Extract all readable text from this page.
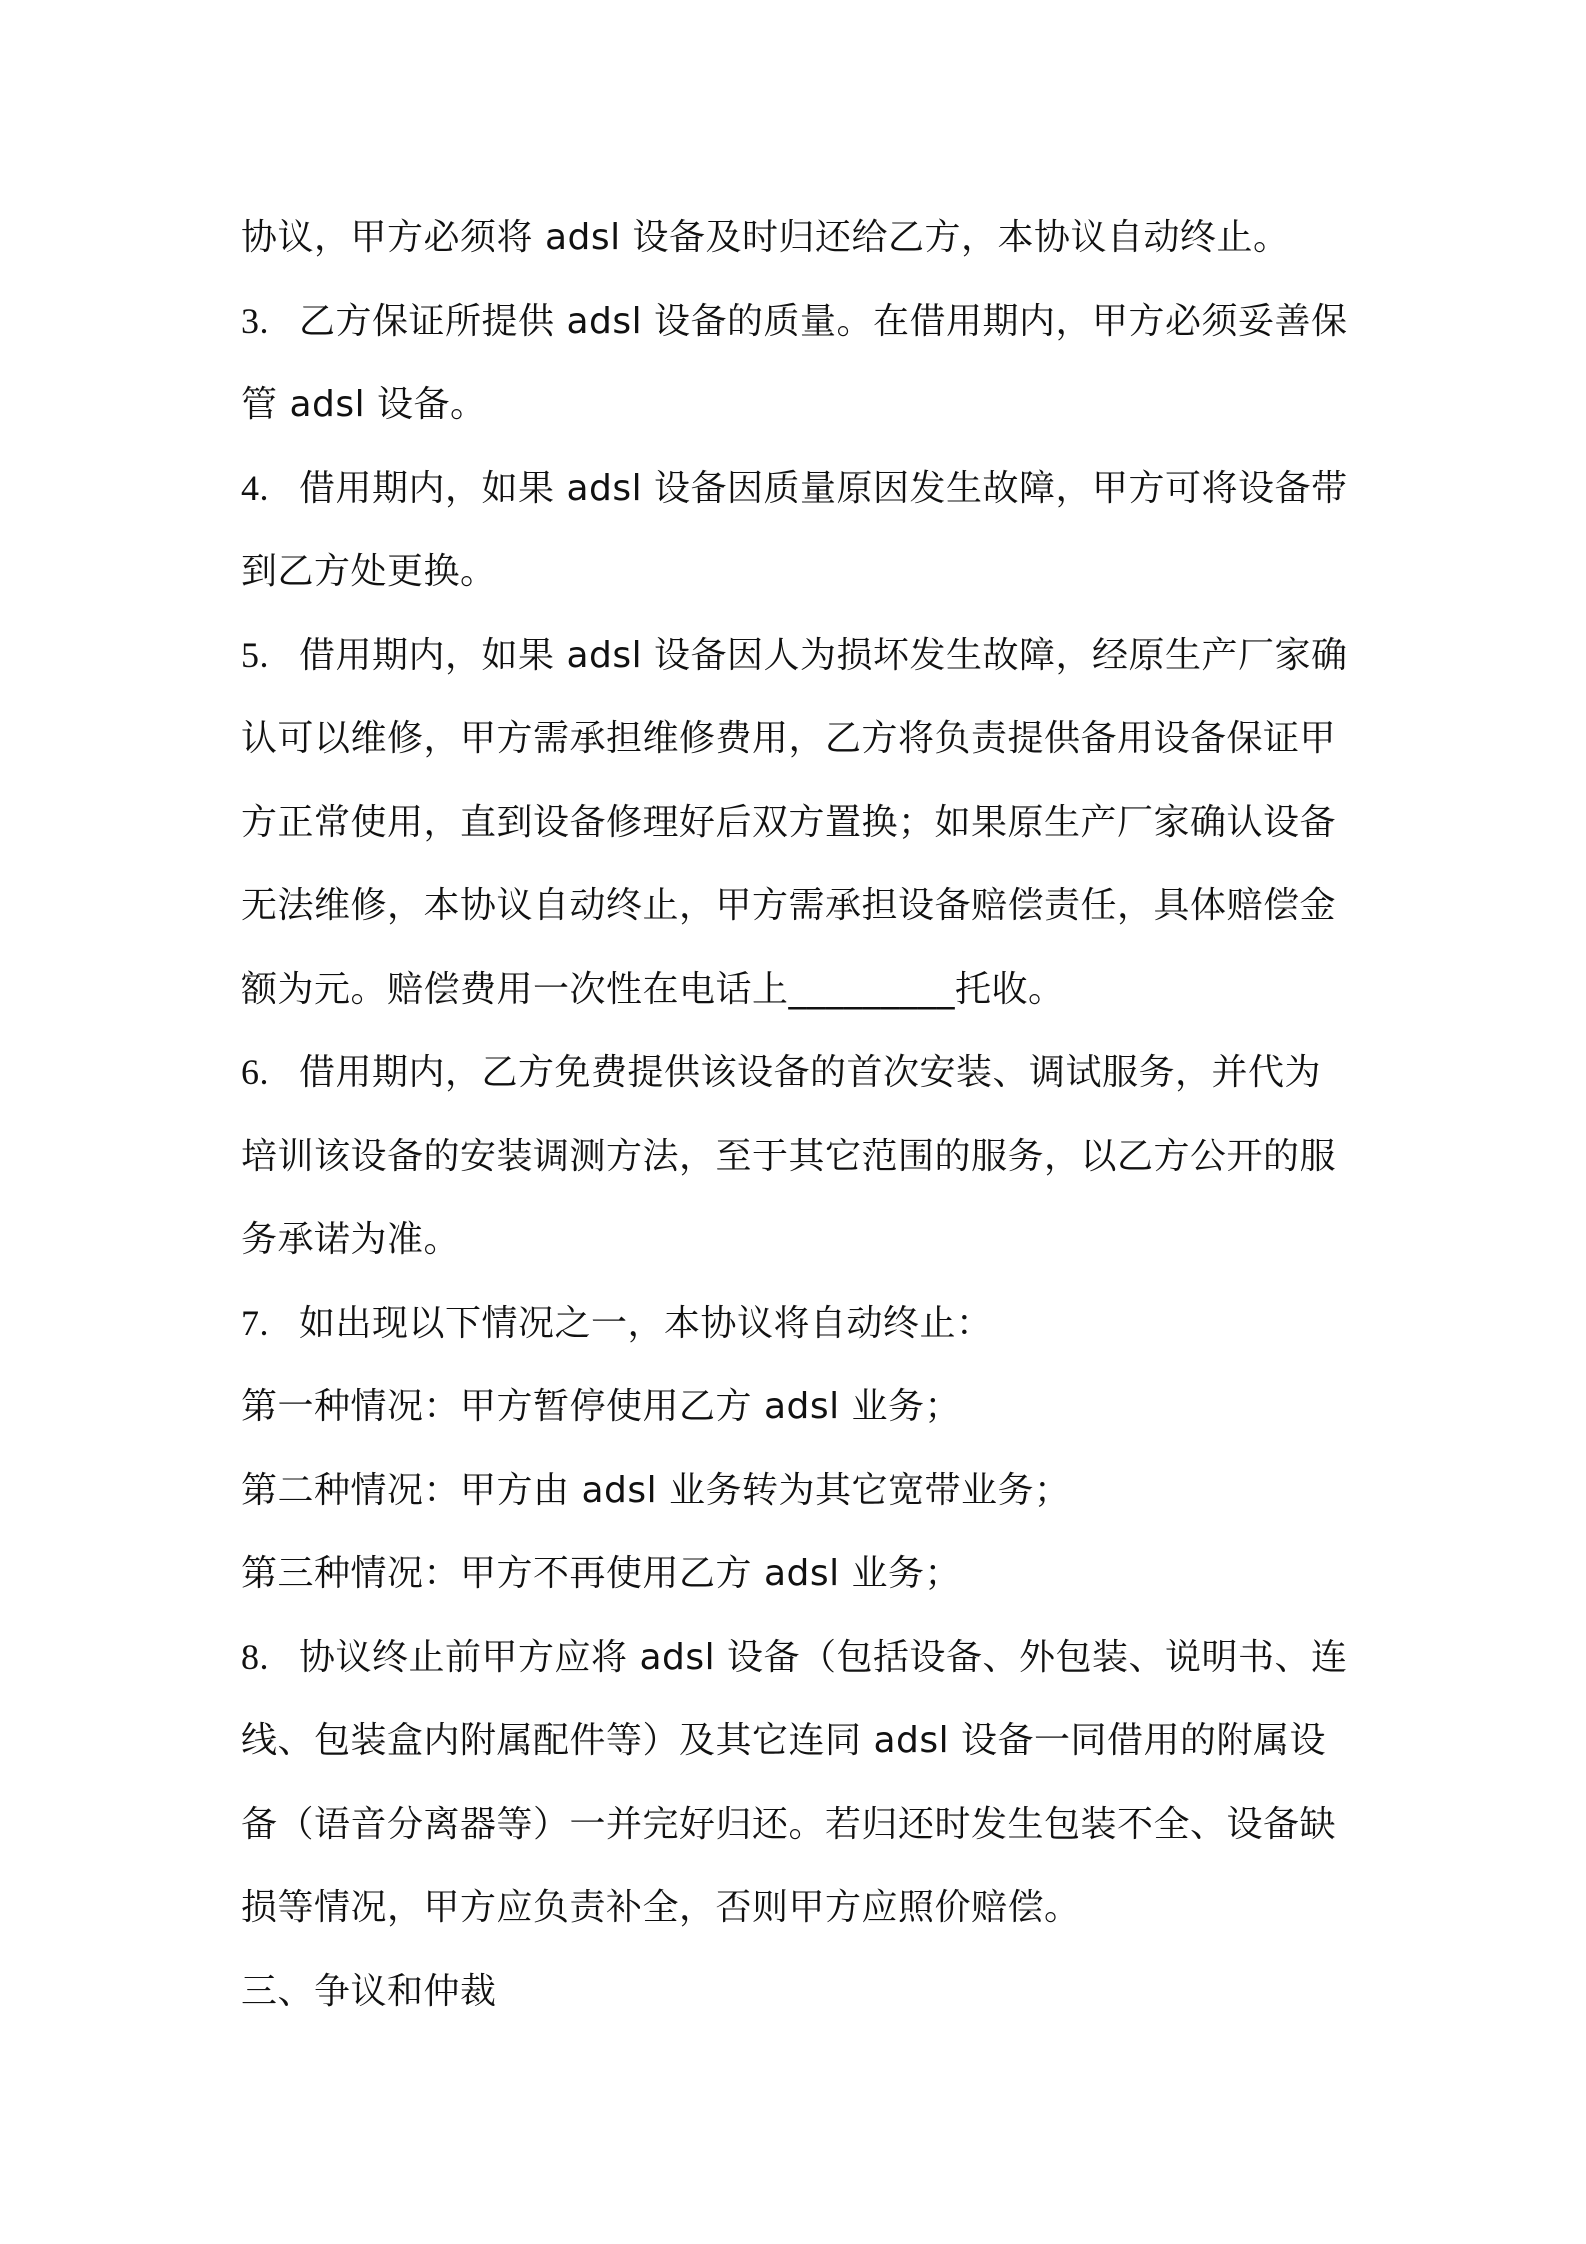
协议，甲方必须将 adsl 设备及时归还给乙方，本协议自动终止。
3. 乙方保证所提供 adsl 设备的质量。在借用期内，甲方必须妥善保
管 adsl 设备。
4. 借用期内，如果 adsl 设备因质量原因发生故障，甲方可将设备带
到乙方处更换。
5. 借用期内，如果 adsl 设备因人为损坏发生故障，经原生产厂家确
认可以维修，甲方需承担维修费用，乙方将负责提供备用设备保证甲
方正常使用，直到设备修理好后双方置换；如果原生产厂家确认设备
无法维修，本协议自动终止，甲方需承担设备赔偿责任，具体赔偿金
额为元。赔偿费用一次性在电话上_________托收。
6. 借用期内，乙方免费提供该设备的首次安装、调试服务，并代为
培训该设备的安装调测方法，至于其它范围的服务，以乙方公开的服
务承诺为准。
7. 如出现以下情况之一，本协议将自动终止：
第一种情况：甲方暂停使用乙方 adsl 业务；
第二种情况：甲方由 adsl 业务转为其它宽带业务；
第三种情况：甲方不再使用乙方 adsl 业务；
8. 协议终止前甲方应将 adsl 设备（包括设备、外包装、说明书、连
线、包装盒内附属配件等）及其它连同 adsl 设备一同借用的附属设
备（语音分离器等）一并完好归还。若归还时发生包装不全、设备缺
损等情况，甲方应负责补全，否则甲方应照价赔偿。
三、争议和仲裁
